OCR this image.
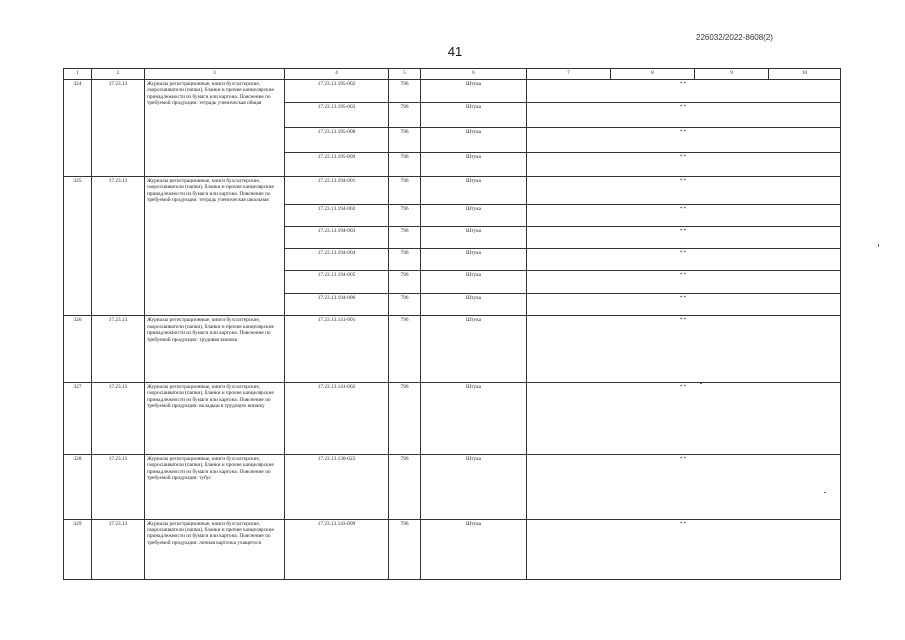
226032/2022-8608(2)
41
1	2	3	4	5	6	7	8	9	10
324	17.23.13	Журналы регистрационные, книги бухгалтерские, скоросшиватели (папки), бланки и прочие канцелярские принадлежности из бумаги или картона. Пояснение по требуемой продукции: тетрадь ученическая общая	17.23.13.195-002	796	Штука	**			
			17.23.13.195-003	796	Штука	**			
			17.23.13.195-008	796	Штука	**			
			17.23.13.195-009	796	Штука	**			
325	17.23.13	Журналы регистрационные, книги бухгалтерские, скоросшиватели (папки), бланки и прочие канцелярские принадлежности из бумаги или картона. Пояснение по требуемой продукции: тетрадь ученическая школьная	17.23.13.194-001	796	Штука	**			
			17.23.13.194-002	796	Штука	**			
			17.23.13.194-003	796	Штука	**			
			17.23.13.194-004	796	Штука	**			
			17.23.13.194-005	796	Штука	**			
			17.23.13.194-006	796	Штука	**			
326	17.23.13	Журналы регистрационные, книги бухгалтерские, скоросшиватели (папки), бланки и прочие канцелярские принадлежности из бумаги или картона. Пояснение по требуемой продукции: трудовая книжка	17.23.13.141-001	796	Штука	**			
327	17.23.13	Журналы регистрационные, книги бухгалтерские, скоросшиватели (папки), бланки и прочие канцелярские принадлежности из бумаги или картона. Пояснение по требуемой продукции: вкладыш в трудовую книжку	17.23.13.141-002	796	Штука	**			
328	17.23.13	Журналы регистрационные, книги бухгалтерские, скоросшиватели (папки), бланки и прочие канцелярские принадлежности из бумаги или картона. Пояснение по требуемой продукции: тубус	17.23.13.130-022	796	Штука	**			
329	17.23.13	Журналы регистрационные, книги бухгалтерские, скоросшиватели (папки), бланки и прочие канцелярские принадлежности из бумаги или картона. Пояснение по требуемой продукции: личная карточка учащегося	17.23.13.143-009	796	Штука	**			
